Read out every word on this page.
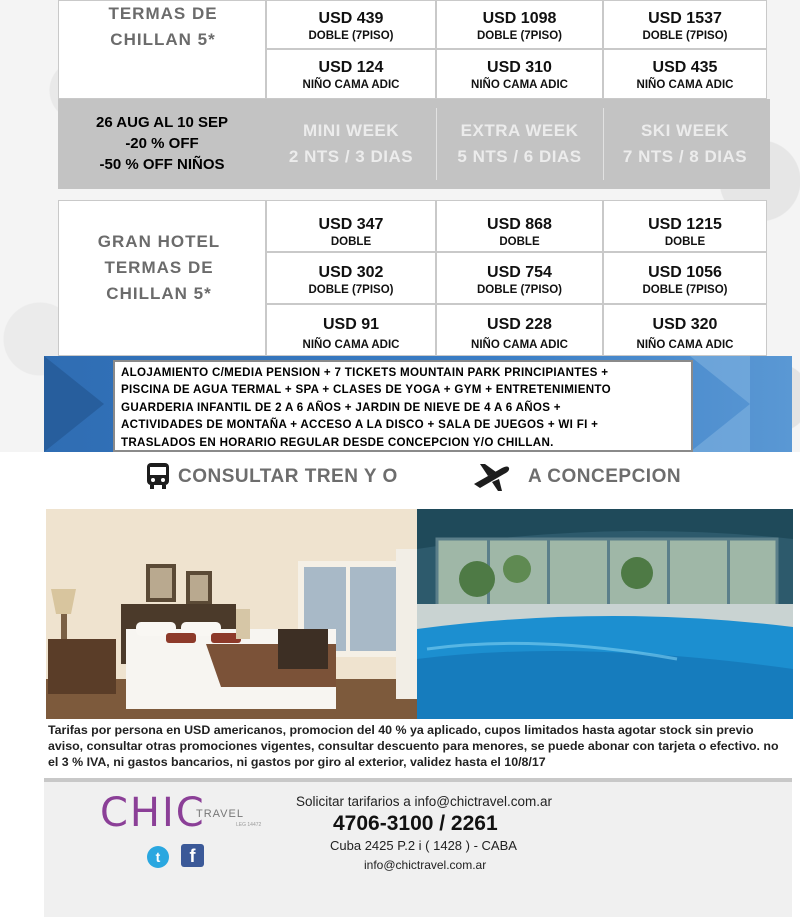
TERMAS DE
CHILLAN 5*
USD 439
DOBLE (7PISO)
USD 1098
DOBLE (7PISO)
USD 1537
DOBLE (7PISO)
USD 124
NIÑO CAMA ADIC
USD 310
NIÑO CAMA ADIC
USD 435
NIÑO CAMA ADIC
26 AUG AL 10 SEP
-20 % OFF
-50 % OFF NIÑOS
MINI WEEK
2 NTS / 3 DIAS
EXTRA WEEK
5 NTS / 6 DIAS
SKI WEEK
7 NTS / 8 DIAS
GRAN HOTEL
TERMAS DE
CHILLAN 5*
USD 347
DOBLE
USD 868
DOBLE
USD 1215
DOBLE
USD 302
DOBLE (7PISO)
USD 754
DOBLE (7PISO)
USD 1056
DOBLE (7PISO)
USD 91
NIÑO CAMA ADIC
USD 228
NIÑO CAMA ADIC
USD 320
NIÑO CAMA ADIC
ALOJAMIENTO C/MEDIA PENSION + 7 TICKETS MOUNTAIN PARK PRINCIPIANTES +
PISCINA DE AGUA TERMAL + SPA + CLASES DE YOGA + GYM + ENTRETENIMIENTO
GUARDERIA INFANTIL DE 2 A 6 AÑOS + JARDIN DE NIEVE DE 4 A 6 AÑOS +
ACTIVIDADES DE MONTAÑA + ACCESO A LA DISCO + SALA DE JUEGOS + WI FI +
TRASLADOS EN HORARIO REGULAR DESDE CONCEPCION Y/O CHILLAN.
CONSULTAR TREN Y O	A CONCEPCION
Tarifas por persona en USD americanos, promocion del 40 % ya aplicado, cupos limitados hasta agotar stock sin previo
aviso, consultar otras promociones vigentes, consultar descuento para menores, se puede abonar con tarjeta o efectivo. no
el 3 % IVA, ni gastos bancarios, ni gastos por giro al exterior, validez hasta el 10/8/17
CHIC
TRAVEL
LEG 14472
t	f
Solicitar tarifarios a info@chictravel.com.ar
4706-3100 / 2261
Cuba 2425 P.2 i ( 1428 ) - CABA
info@chictravel.com.ar
